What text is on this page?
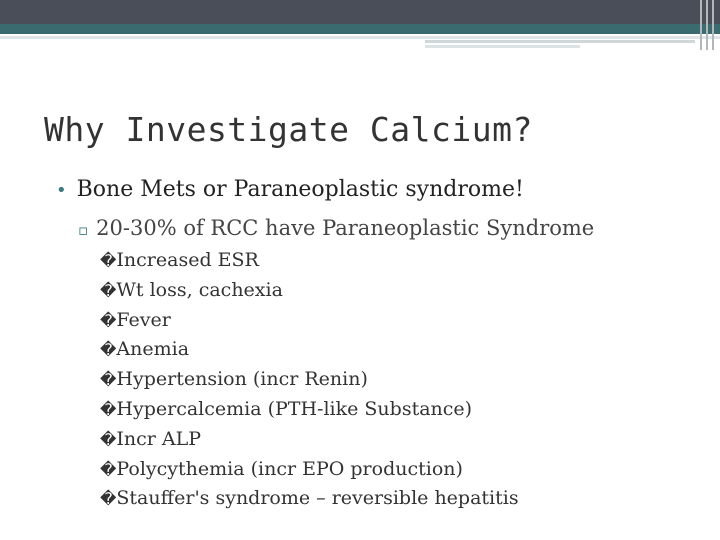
Why Investigate Calcium?
• Bone Mets or Paraneoplastic syndrome!
▫ 20-30% of RCC have Paraneoplastic Syndrome
�Increased ESR
�Wt loss, cachexia
�Fever
�Anemia
�Hypertension (incr Renin)
�Hypercalcemia (PTH-like Substance)
�Incr ALP
�Polycythemia (incr EPO production)
�Stauffer's syndrome – reversible hepatitis
